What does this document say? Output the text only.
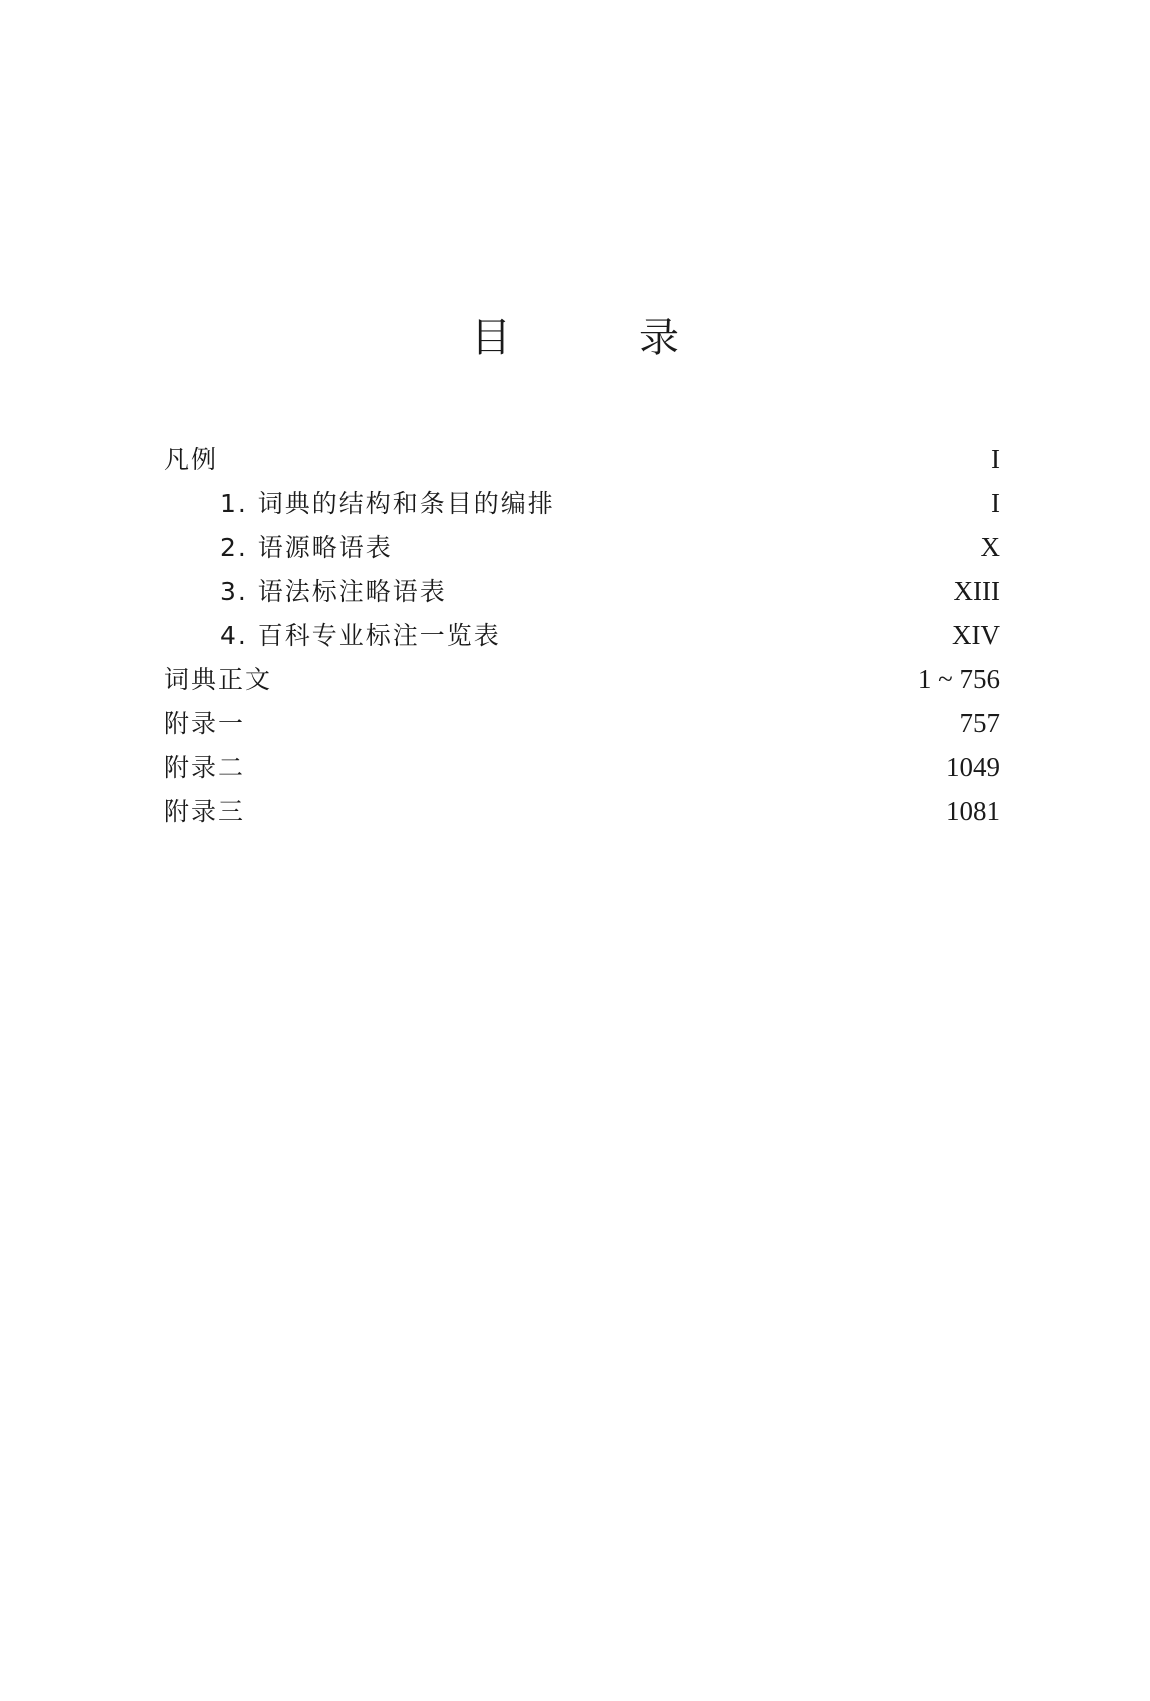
目　录
凡例	I
1. 词典的结构和条目的编排	I
2. 语源略语表	X
3. 语法标注略语表	XIII
4. 百科专业标注一览表	XIV
词典正文	1 ~ 756
附录一	757
附录二	1049
附录三	1081
